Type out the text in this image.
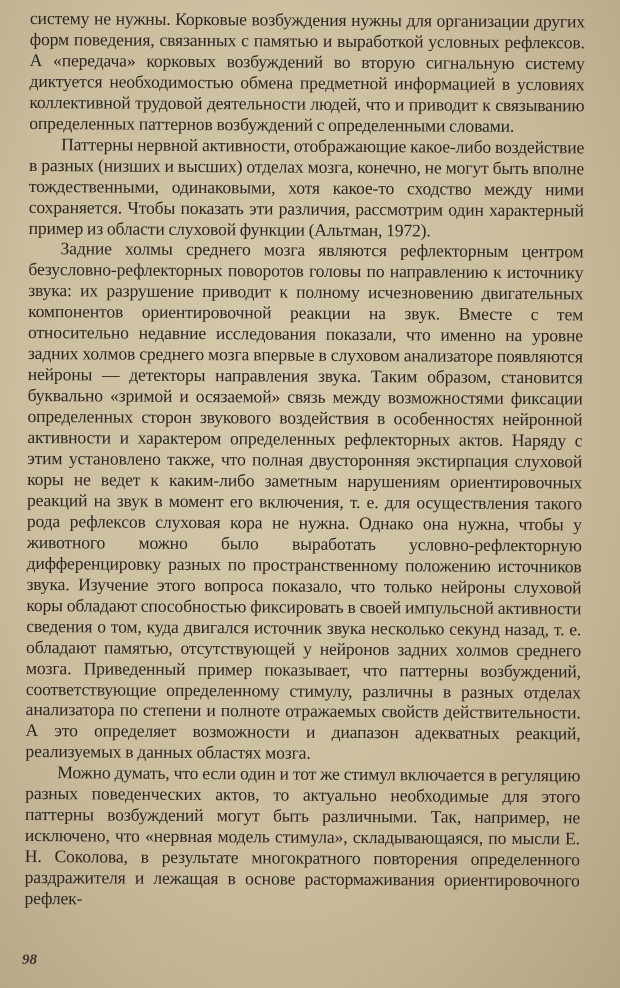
системy не нужны. Корковые возбуждения нужны для организации других форм поведения, связанных с памятью и выработкой условных рефлексов. А «передача» корковых возбуждений во вторую сигнальную систему диктуется необходимостью обмена предметной информацией в условиях коллективной трудовой деятельности людей, что и приводит к связыванию определенных паттернов возбуждений с определенными словами.

Паттерны нервной активности, отображающие какое-либо воздействие в разных (низших и высших) отделах мозга, конечно, не могут быть вполне тождественными, одинаковыми, хотя какое-то сходство между ними сохраняется. Чтобы показать эти различия, рассмотрим один характерный пример из области слуховой функции (Альтман, 1972).

Задние холмы среднего мозга являются рефлекторным центром безусловно-рефлекторных поворотов головы по направлению к источнику звука: их разрушение приводит к полному исчезновению двигательных компонентов ориентировочной реакции на звук. Вместе с тем относительно недавние исследования показали, что именно на уровне задних холмов среднего мозга впервые в слуховом анализаторе появляются нейроны — детекторы направления звука. Таким образом, становится буквально «зримой и осязаемой» связь между возможностями фиксации определенных сторон звукового воздействия в особенностях нейронной активности и характером определенных рефлекторных актов. Наряду с этим установлено также, что полная двусторонняя экстирпация слуховой коры не ведет к каким-либо заметным нарушениям ориентировочных реакций на звук в момент его включения, т. е. для осуществления такого рода рефлексов слуховая кора не нужна. Однако она нужна, чтобы у животного можно было выработать условно-рефлекторную дифференцировку разных по пространственному положению источников звука. Изучение этого вопроса показало, что только нейроны слуховой коры обладают способностью фиксировать в своей импульсной активности сведения о том, куда двигался источник звука несколько секунд назад, т. е. обладают памятью, отсутствующей у нейронов задних холмов среднего мозга. Приведенный пример показывает, что паттерны возбуждений, соответствующие определенному стимулу, различны в разных отделах анализатора по степени и полноте отражаемых свойств действительности. А это определяет возможности и диапазон адекватных реакций, реализуемых в данных областях мозга.

Можно думать, что если один и тот же стимул включается в регуляцию разных поведенческих актов, то актуально необходимые для этого паттерны возбуждений могут быть различными. Так, например, не исключено, что «нервная модель стимула», складывающаяся, по мысли Е. Н. Соколова, в результате многократного повторения определенного раздражителя и лежащая в основе растормаживания ориентировочного рефлек-

98
